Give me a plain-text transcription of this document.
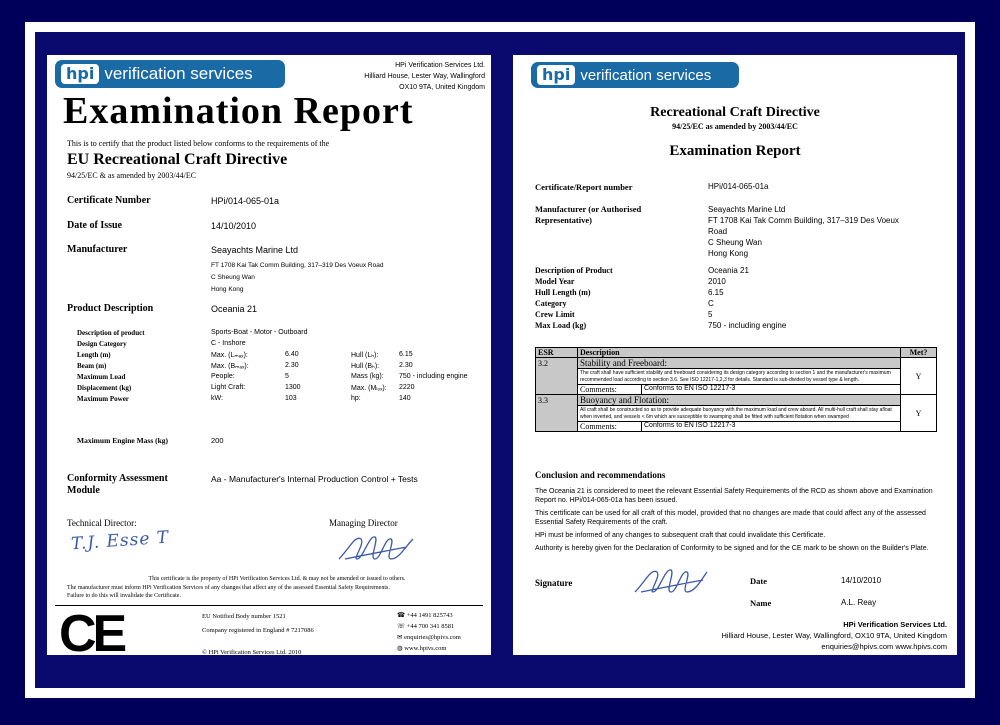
hpi verification services	HPi Verification Services Ltd.
Hilliard House, Lester Way, Wallingford
OX10 9TA, United Kingdom
Examination Report
This is to certify that the product listed below conforms to the requirements of the
EU Recreational Craft Directive
94/25/EC & as amended by 2003/44/EC
Certificate Number	HPi/014-065-01a
Date of Issue	14/10/2010
Manufacturer	Seayachts Marine Ltd
FT 1708 Kai Tak Comm Building, 317–319 Des Voeux Road
C Sheung Wan
Hong Kong
Product Description	Oceania 21
Description of product	Sports-Boat - Motor - Outboard
Design Category	C - Inshore
Length (m)	Max. (Lₘₐₓ):	6.40	Hull (Lₕ):	6.15
Beam (m)	Max. (Bₘₐₓ):	2.30	Hull (Bₕ):	2.30
Maximum Load	People:	5	Mass (kg): 750 - including engine
Displacement (kg)	Light Craft:	1300	Max. (Mₗₒₓ): 2220
Maximum Power	kW:	103	hp:	140
Maximum Engine Mass (kg)	200
Conformity Assessment
Module
Aa - Manufacturer's Internal Production Control + Tests
Technical Director:
T.J. Esse T
Managing Director
This certificate is the property of HPi Verification Services Ltd. & may not be amended or issued to others.
The manufacturer must inform HPi Verification Services of any changes that affect any of the assessed Essential Safety Requirements.
Failure to do this will invalidate the Certificate.
CE	EU Notified Body number 1521
Company registered in England # 7217086
© HPi Verification Services Ltd. 2010
☎ +44 1491 825743
☏ +44 700 341 8581
✉ enquiries@hpivs.com
◍ www.hpivs.com
hpi verification services
Recreational Craft Directive
94/25/EC as amended by 2003/44/EC
Examination Report
Certificate/Report number	HPi/014-065-01a
Manufacturer (or Authorised Representative)
Seayachts Marine Ltd
FT 1708 Kai Tak Comm Building, 317–319 Des Voeux
Road
C Sheung Wan
Hong Kong
Description of Product	Oceania 21
Model Year	2010
Hull Length (m)	6.15
Category	C
Crew Limit	5
Max Load (kg)	750 - including engine
ESR	Description		Met?
3.2	Stability and Freeboard:		Y
	The craft shall have sufficient stability and freeboard considering its design category according to section 1 and the manufacturer's maximum recommended load according to section 3.6. See ISO 12217-1,2,3 for details. Standard is sub-divided by vessel type & length.		
	Comments:	Conforms to EN ISO 12217-3	
3.3	Buoyancy and Flotation:		Y
	All craft shall be constructed so as to provide adequate buoyancy with the maximum load and crew aboard. All multi-hull craft shall stay afloat when inverted, and vessels < 6m which are susceptible to swamping shall be fitted with sufficient flotation when swamped		
	Comments:	Conforms to EN ISO 12217-3	
Conclusion and recommendations

The Oceania 21 is considered to meet the relevant Essential Safety Requirements of the RCD as shown above and Examination Report no. HPi/014-065-01a has been issued.

This certificate can be used for all craft of this model, provided that no changes are made that could affect any of the assessed Essential Safety Requirements of the craft.

HPi must be informed of any changes to subsequent craft that could invalidate this Certificate.

Authority is hereby given for the Declaration of Conformity to be signed and for the CE mark to be shown on the Builder's Plate.

Signature	Date	14/10/2010
Name	A.L. Reay
HPi Verification Services Ltd.
Hilliard House, Lester Way, Wallingford, OX10 9TA, United Kingdom
enquiries@hpivs.com www.hpivs.com
